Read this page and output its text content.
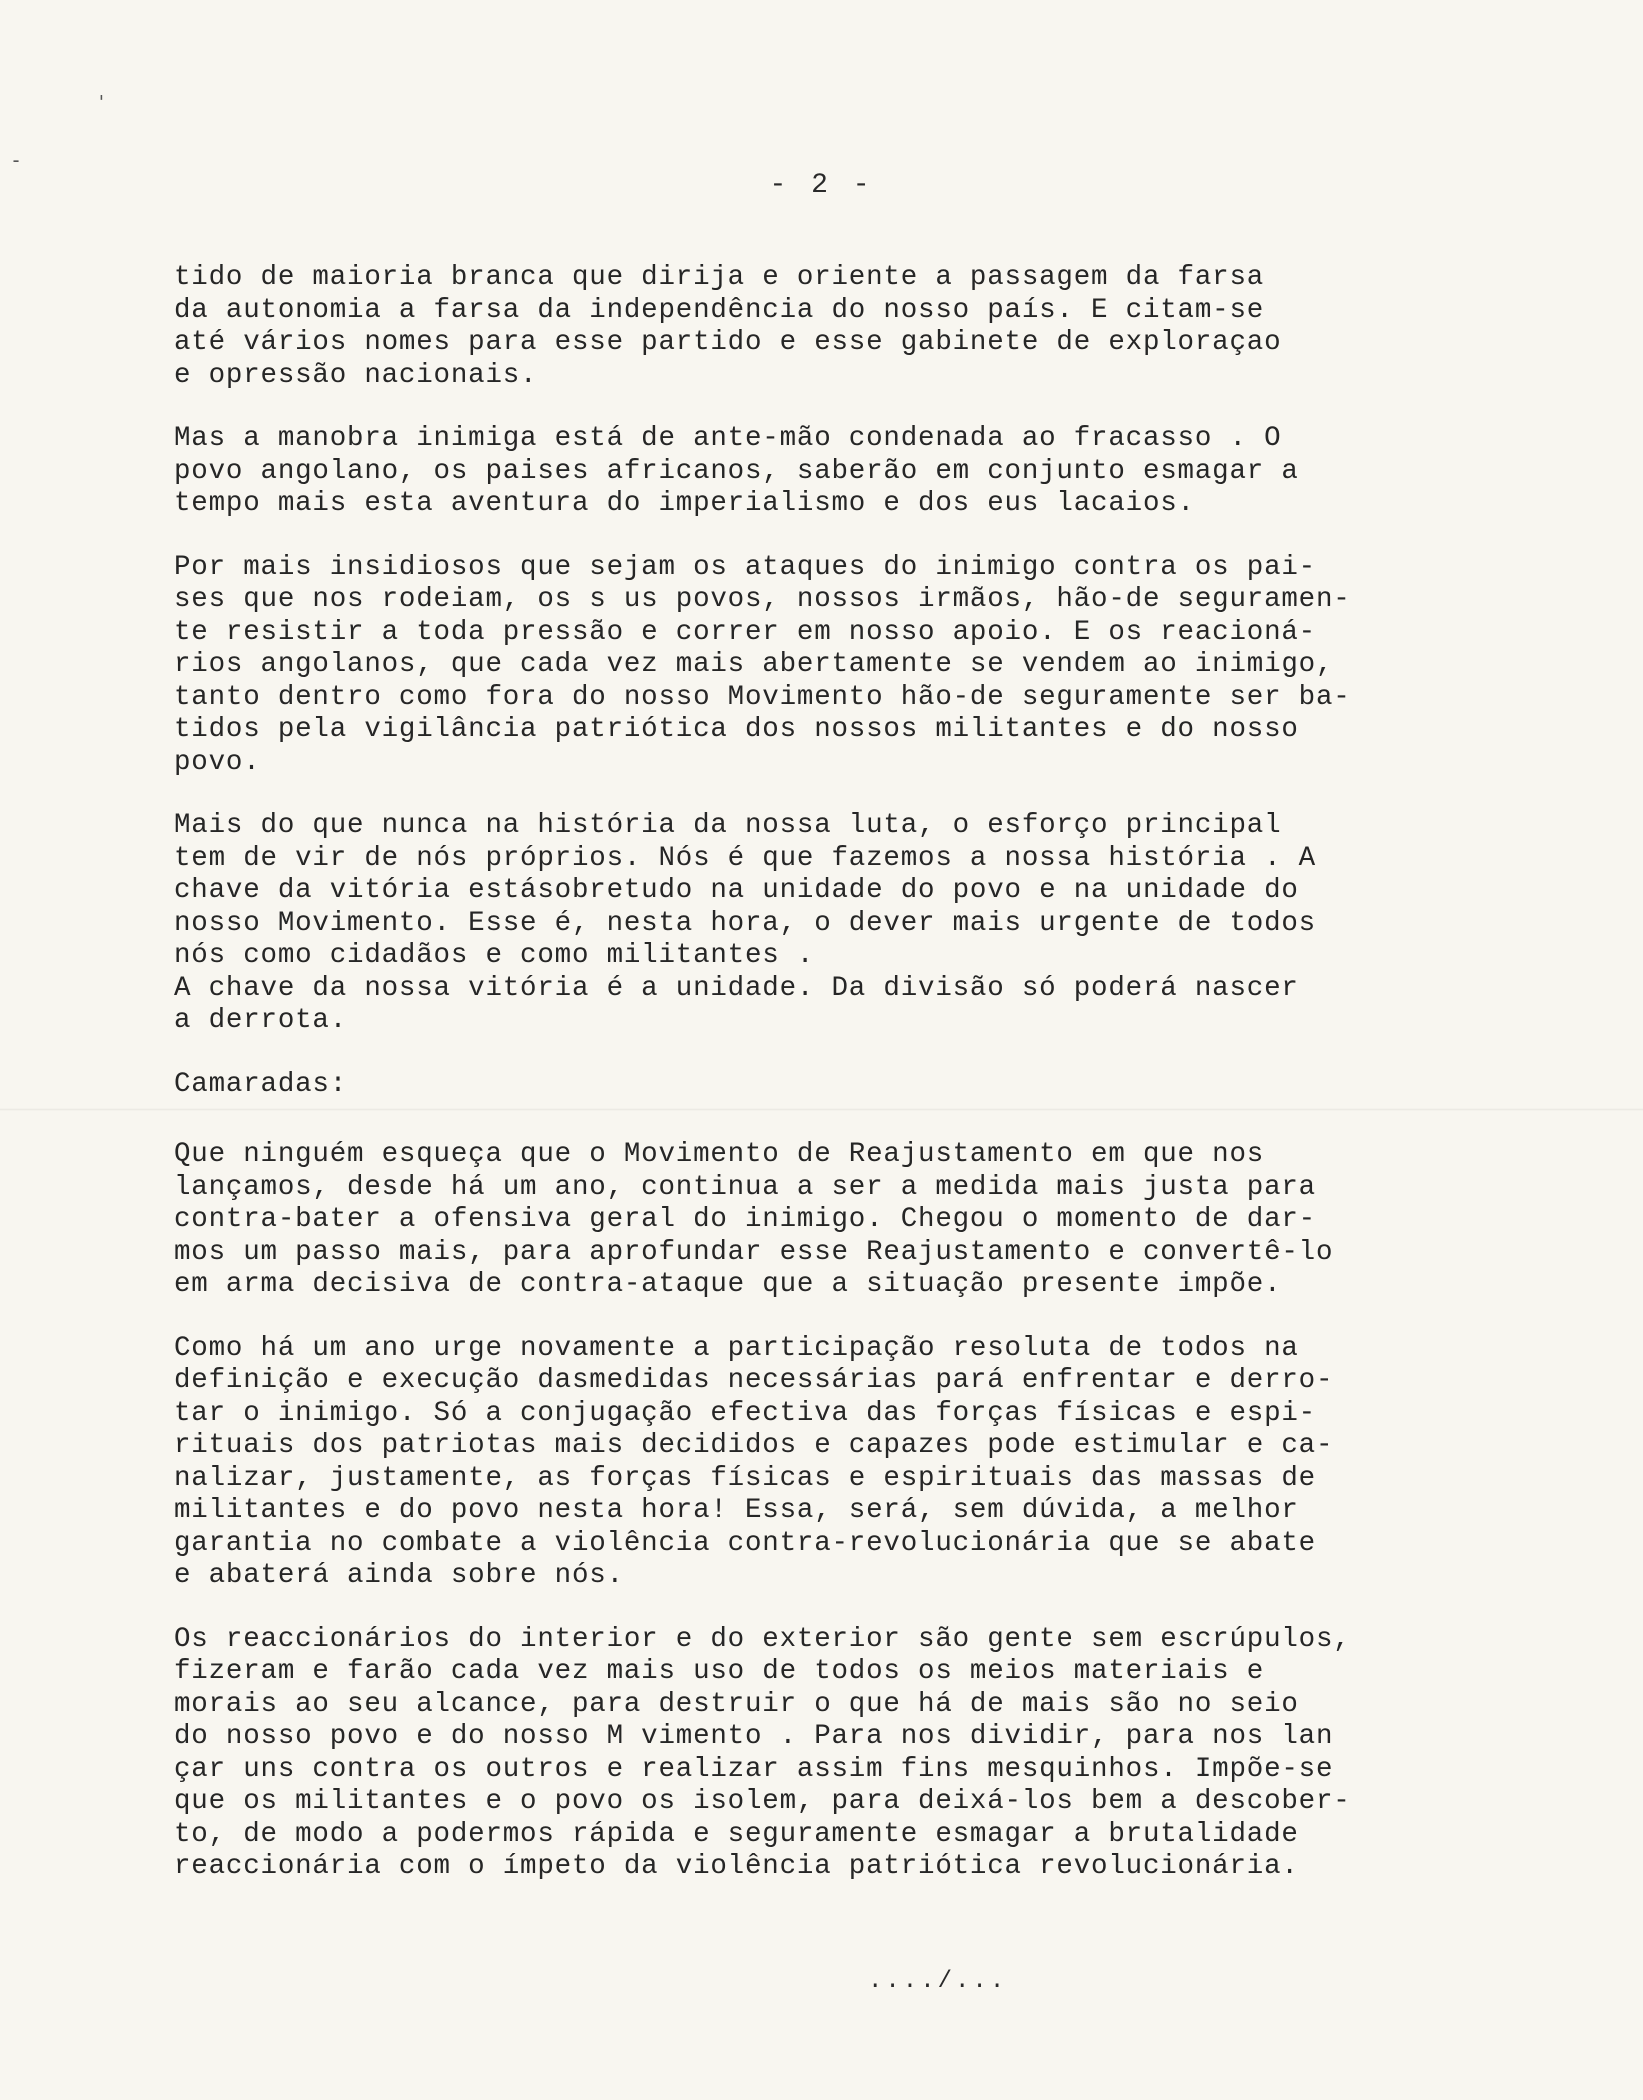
-
'
- 2 -
tido de maioria branca que dirija e oriente a passagem da farsa
da autonomia a farsa da independência do nosso país. E citam-se
até vários nomes para esse partido e esse gabinete de exploraçao
e opressão nacionais.
Mas a manobra inimiga está de ante-mão condenada ao fracasso . O
povo angolano, os paises africanos, saberão em conjunto esmagar a
tempo mais esta aventura do imperialismo e dos eus lacaios.
Por mais insidiosos que sejam os ataques do inimigo contra os pai-
ses que nos rodeiam, os s us povos, nossos irmãos, hão-de seguramen-
te resistir a toda pressão e correr em nosso apoio. E os reacioná-
rios angolanos, que cada vez mais abertamente se vendem ao inimigo,
tanto dentro como fora do nosso Movimento hão-de seguramente ser ba-
tidos pela vigilância patriótica dos nossos militantes e do nosso
povo.
Mais do que nunca na história da nossa luta, o esforço principal
tem de vir de nós próprios. Nós é que fazemos a nossa história . A
chave da vitória estásobretudo na unidade do povo e na unidade do
nosso Movimento. Esse é, nesta hora, o dever mais urgente de todos
nós como cidadãos e como militantes .
A chave da nossa vitória é a unidade. Da divisão só poderá nascer
a derrota.
Camaradas:
Que ninguém esqueça que o Movimento de Reajustamento em que nos
lançamos, desde há um ano, continua a ser a medida mais justa para
contra-bater a ofensiva geral do inimigo. Chegou o momento de dar-
mos um passo mais, para aprofundar esse Reajustamento e convertê-lo
em arma decisiva de contra-ataque que a situação presente impõe.
Como há um ano urge novamente a participação resoluta de todos na
definição e execução dasmedidas necessárias pará enfrentar e derro-
tar o inimigo. Só a conjugação efectiva das forças físicas e espi-
rituais dos patriotas mais decididos e capazes pode estimular e ca-
nalizar, justamente, as forças físicas e espirituais das massas de
militantes e do povo nesta hora! Essa, será, sem dúvida, a melhor
garantia no combate a violência contra-revolucionária que se abate
e abaterá ainda sobre nós.
Os reaccionários do interior e do exterior são gente sem escrúpulos,
fizeram e farão cada vez mais uso de todos os meios materiais e
morais ao seu alcance, para destruir o que há de mais são no seio
do nosso povo e do nosso M vimento . Para nos dividir, para nos lan
çar uns contra os outros e realizar assim fins mesquinhos. Impõe-se
que os militantes e o povo os isolem, para deixá-los bem a descober-
to, de modo a podermos rápida e seguramente esmagar a brutalidade
reaccionária com o ímpeto da violência patriótica revolucionária.
..../...
